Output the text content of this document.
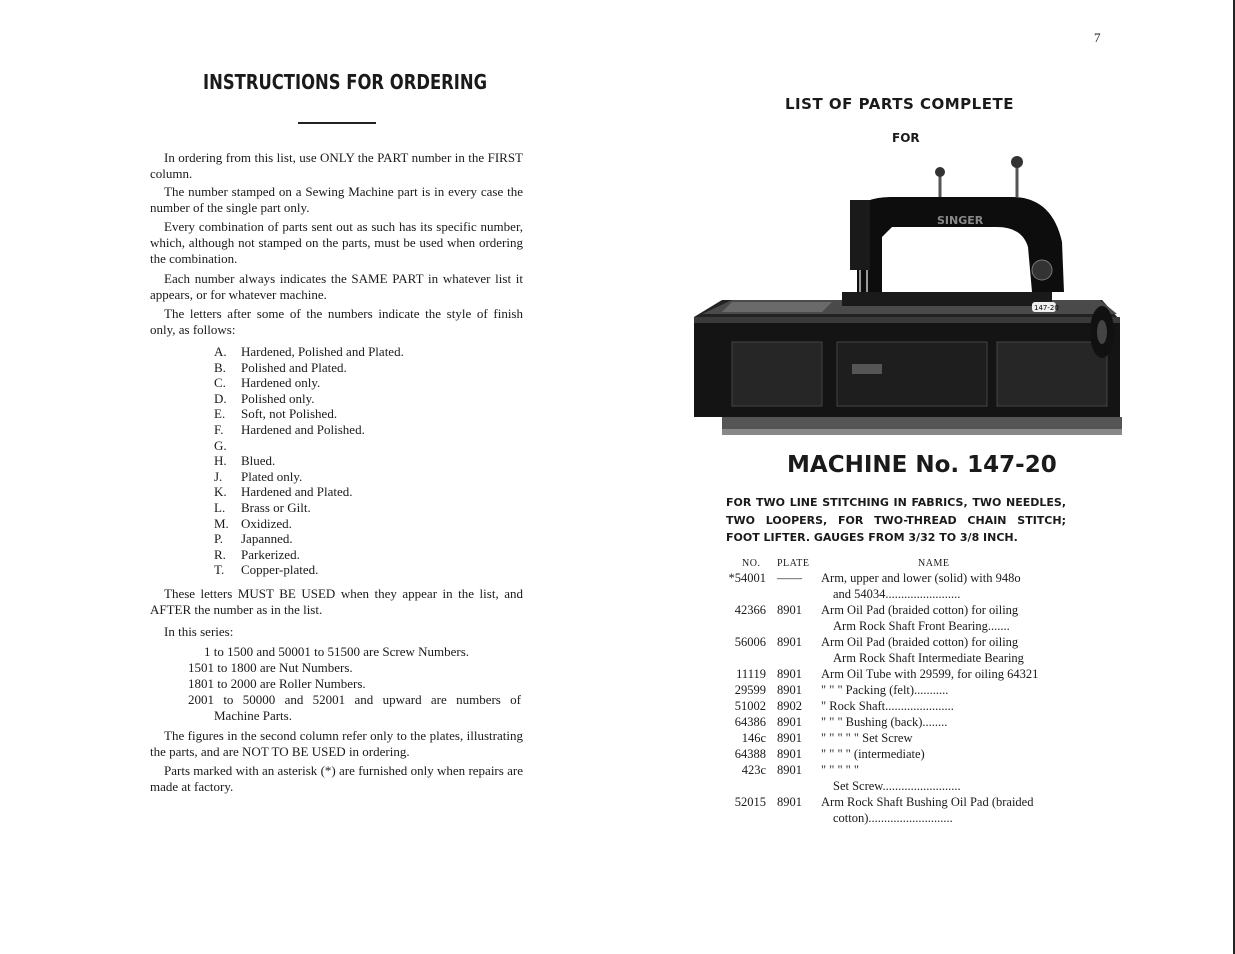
7
INSTRUCTIONS FOR ORDERING
In ordering from this list, use ONLY the PART number in the FIRST column.
The number stamped on a Sewing Machine part is in every case the number of the single part only.
Every combination of parts sent out as such has its specific number, which, although not stamped on the parts, must be used when ordering the combination.
Each number always indicates the SAME PART in whatever list it appears, or for whatever machine.
The letters after some of the numbers indicate the style of finish only, as follows:
A.	Hardened, Polished and Plated.
B.	Polished and Plated.
C.	Hardened only.
D.	Polished only.
E.	Soft, not Polished.
F.	Hardened and Polished.
G.
H.	Blued.
J.	Plated only.
K.	Hardened and Plated.
L.	Brass or Gilt.
M. Oxidized.
P.	Japanned.
R.	Parkerized.
T.	Copper-plated.
These letters MUST BE USED when they appear in the list, and AFTER the number as in the list.
In this series:
1 to 1500 and 50001 to 51500 are Screw Numbers.
1501 to 1800 are Nut Numbers.
1801 to 2000 are Roller Numbers.
2001 to 50000 and 52001 and upward are numbers of
Machine Parts.
The figures in the second column refer only to the plates, illustrating the parts, and are NOT TO BE USED in ordering.
Parts marked with an asterisk (*) are furnished only when repairs are made at factory.
LIST OF PARTS COMPLETE
FOR
SINGER
147-20
MACHINE No. 147-20
FOR TWO LINE STITCHING IN FABRICS, TWO NEEDLES, TWO LOOPERS, FOR TWO-THREAD CHAIN STITCH; FOOT LIFTER. GAUGES FROM 3/32 TO 3/8 INCH.
NO. PLATE	NAME
*54001 ——	Arm, upper and lower (solid) with 948o
and 54034........................
42366 8901	Arm Oil Pad (braided cotton) for oiling
Arm Rock Shaft Front Bearing.......
56006 8901	Arm Oil Pad (braided cotton) for oiling
Arm Rock Shaft Intermediate Bearing
11119 8901	Arm Oil Tube with 29599, for oiling 64321
29599 8901	" " " Packing (felt)...........
51002 8902	" Rock Shaft......................
64386 8901	" " " Bushing (back)........
146c 8901	" " " " " Set Screw
64388 8901	" " " " (intermediate)
423c 8901	" " " " "
Set Screw.........................
52015 8901	Arm Rock Shaft Bushing Oil Pad (braided
cotton)...........................
